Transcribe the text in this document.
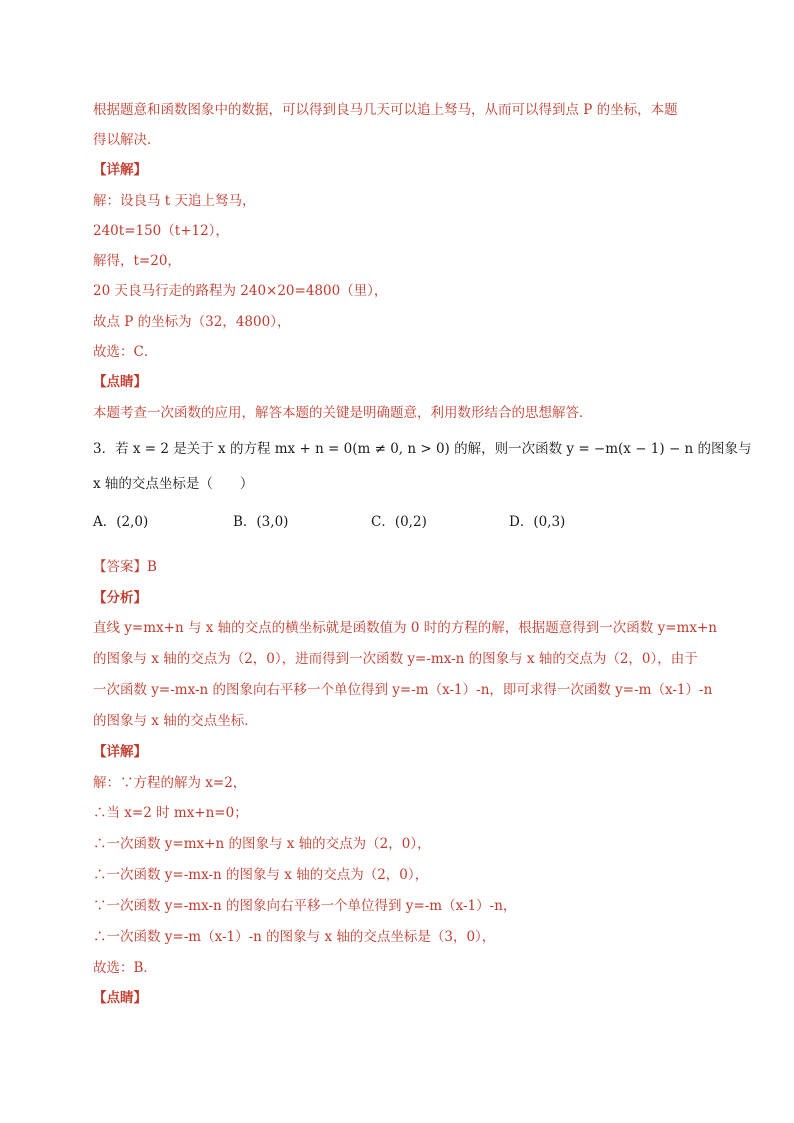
根据题意和函数图象中的数据，可以得到良马几天可以追上驽马，从而可以得到点 P 的坐标，本题
得以解决．
【详解】
解：设良马 t 天追上驽马，
240t=150（t+12），
解得，t=20，
20 天良马行走的路程为 240×20=4800（里），
故点 P 的坐标为（32，4800），
故选：C．
【点睛】
本题考查一次函数的应用，解答本题的关键是明确题意，利用数形结合的思想解答．
3．若 x = 2 是关于 x 的方程 mx + n = 0(m ≠ 0, n > 0) 的解，则一次函数 y = −m(x − 1) − n 的图象与
x 轴的交点坐标是（　　）
A．(2,0)	B．(3,0)	C．(0,2)	D．(0,3)
【答案】B
【分析】
直线 y=mx+n 与 x 轴的交点的横坐标就是函数值为 0 时的方程的解，根据题意得到一次函数 y=mx+n
的图象与 x 轴的交点为（2，0），进而得到一次函数 y=-mx-n 的图象与 x 轴的交点为（2，0），由于
一次函数 y=-mx-n 的图象向右平移一个单位得到 y=-m（x-1）-n，即可求得一次函数 y=-m（x-1）-n
的图象与 x 轴的交点坐标．
【详解】
解：∵方程的解为 x=2，
∴当 x=2 时 mx+n=0；
∴一次函数 y=mx+n 的图象与 x 轴的交点为（2，0），
∴一次函数 y=-mx-n 的图象与 x 轴的交点为（2，0），
∵一次函数 y=-mx-n 的图象向右平移一个单位得到 y=-m（x-1）-n，
∴一次函数 y=-m（x-1）-n 的图象与 x 轴的交点坐标是（3，0），
故选：B．
【点睛】
